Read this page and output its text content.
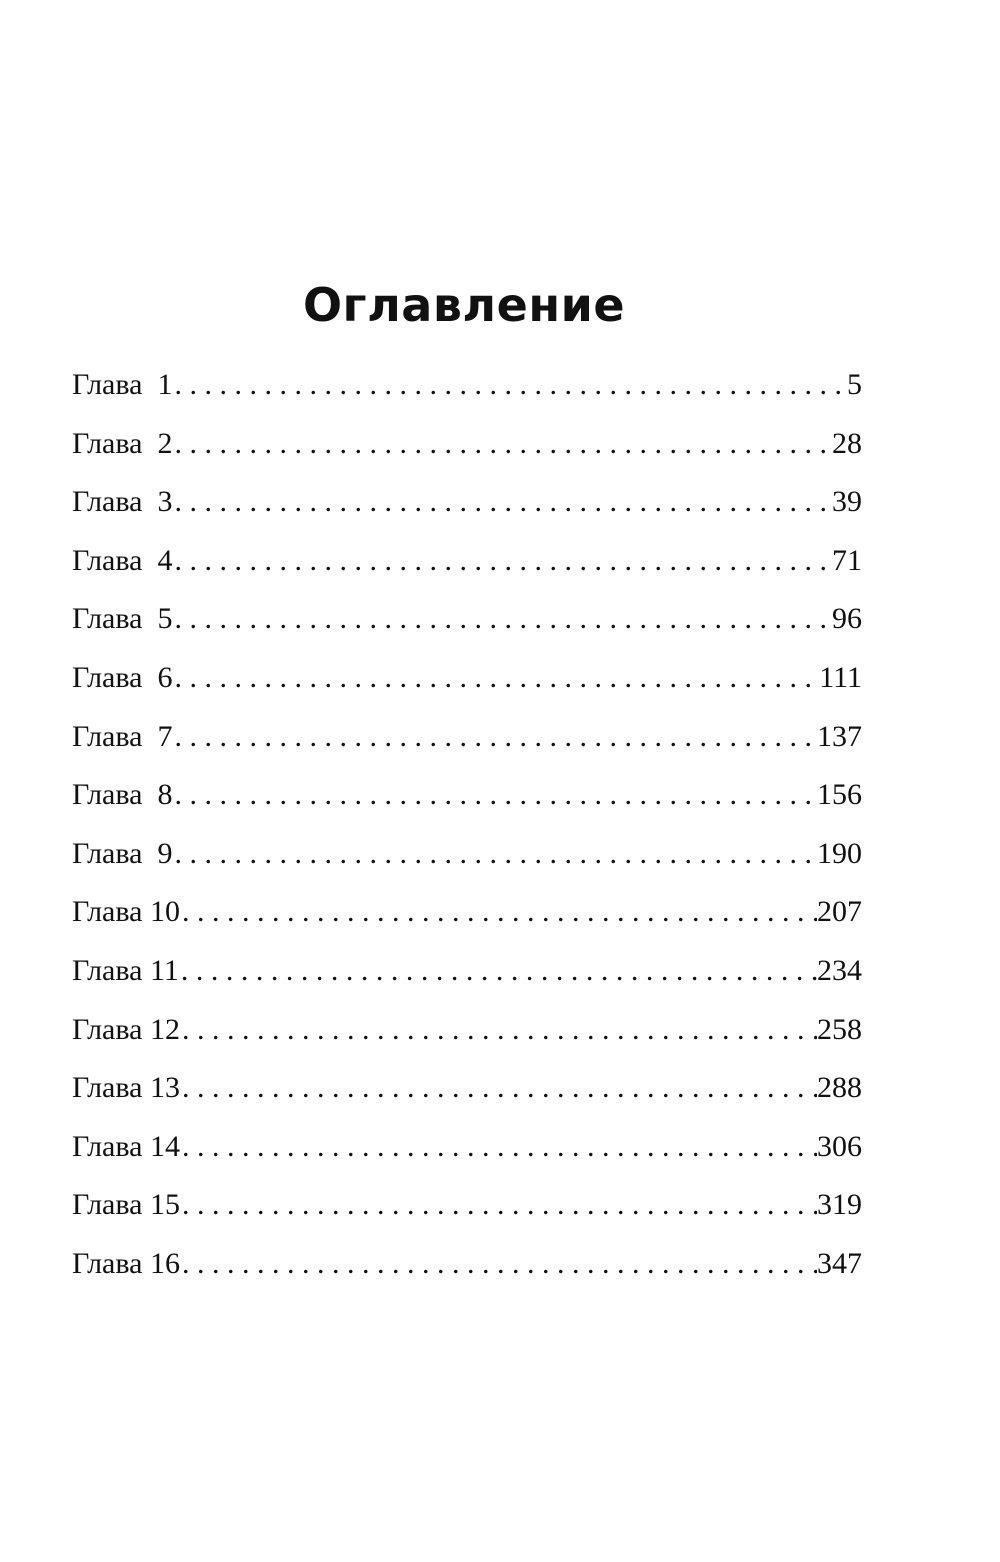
Оглавление
Глава  1 .....	5
Глава  2 .....	28
Глава  3 .....	39
Глава  4 .....	71
Глава  5 .....	96
Глава  6 .....	111
Глава  7 .....	137
Глава  8 .....	156
Глава  9 .....	190
Глава 10 .....	207
Глава 11 .....	234
Глава 12 .....	258
Глава 13 .....	288
Глава 14 .....	306
Глава 15 .....	319
Глава 16 .....	347
